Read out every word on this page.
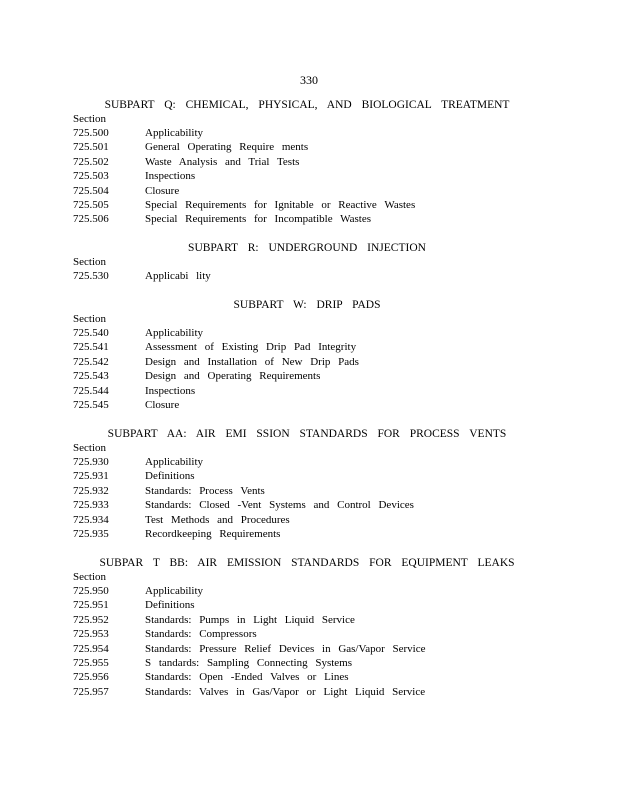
330
SUBPART Q: CHEMICAL, PHYSICAL, AND BIOLOGICAL TREATMENT
Section
725.500	Applicability
725.501	General Operating Require ments
725.502	Waste Analysis and Trial Tests
725.503	Inspections
725.504	Closure
725.505	Special Requirements for Ignitable or Reactive Wastes
725.506	Special Requirements for Incompatible Wastes
SUBPART R: UNDERGROUND INJECTION
Section
725.530	Applicabi lity
SUBPART W: DRIP PADS
Section
725.540	Applicability
725.541	Assessment of Existing Drip Pad Integrity
725.542	Design and Installation of New Drip Pads
725.543	Design and Operating Requirements
725.544	Inspections
725.545	Closure
SUBPART AA: AIR EMI SSION STANDARDS FOR PROCESS VENTS
Section
725.930	Applicability
725.931	Definitions
725.932	Standards: Process Vents
725.933	Standards: Closed -Vent Systems and Control Devices
725.934	Test Methods and Procedures
725.935	Recordkeeping Requirements
SUBPAR T BB: AIR EMISSION STANDARDS FOR EQUIPMENT LEAKS
Section
725.950	Applicability
725.951	Definitions
725.952	Standards: Pumps in Light Liquid Service
725.953	Standards: Compressors
725.954	Standards: Pressure Relief Devices in Gas/Vapor Service
725.955	S tandards: Sampling Connecting Systems
725.956	Standards: Open -Ended Valves or Lines
725.957	Standards: Valves in Gas/Vapor or Light Liquid Service
